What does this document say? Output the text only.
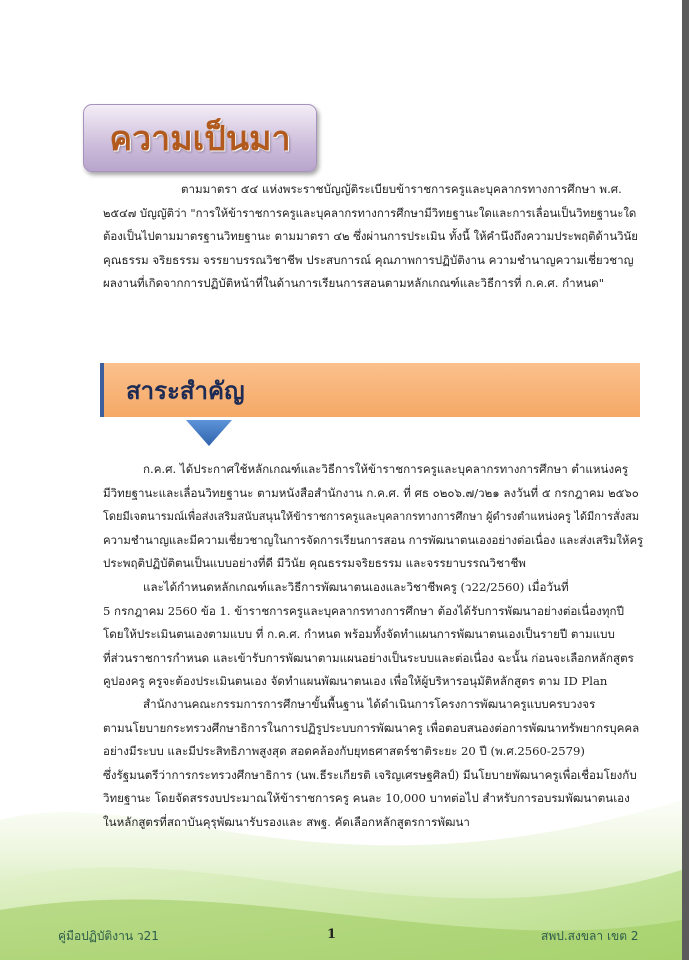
ความเป็นมา
ตามมาตรา ๕๔ แห่งพระราชบัญญัติระเบียบข้าราชการครูและบุคลากรทางการศึกษา พ.ศ.
๒๕๔๗ บัญญัติว่า "การให้ข้าราชการครูและบุคลากรทางการศึกษามีวิทยฐานะใดและการเลื่อนเป็นวิทยฐานะใด
ต้องเป็นไปตามมาตรฐานวิทยฐานะ ตามมาตรา ๔๒ ซึ่งผ่านการประเมิน ทั้งนี้ ให้คำนึงถึงความประพฤติด้านวินัย
คุณธรรม จริยธรรม จรรยาบรรณวิชาชีพ ประสบการณ์ คุณภาพการปฏิบัติงาน ความชำนาญความเชี่ยวชาญ
ผลงานที่เกิดจากการปฏิบัติหน้าที่ในด้านการเรียนการสอนตามหลักเกณฑ์และวิธีการที่ ก.ค.ศ. กำหนด"
สาระสำคัญ
ก.ค.ศ. ได้ประกาศใช้หลักเกณฑ์และวิธีการให้ข้าราชการครูและบุคลากรทางการศึกษา ตำแหน่งครู
มีวิทยฐานะและเลื่อนวิทยฐานะ ตามหนังสือสำนักงาน ก.ค.ศ. ที่ ศธ ๐๒๐๖.๗/ว๒๑ ลงวันที่ ๕ กรกฎาคม ๒๕๖๐
โดยมีเจตนารมณ์เพื่อส่งเสริมสนับสนุนให้ข้าราชการครูและบุคลากรทางการศึกษา ผู้ดำรงตำแหน่งครู ได้มีการสั่งสม
ความชำนาญและมีความเชี่ยวชาญในการจัดการเรียนการสอน การพัฒนาตนเองอย่างต่อเนื่อง และส่งเสริมให้ครู
ประพฤติปฏิบัติตนเป็นแบบอย่างที่ดี มีวินัย คุณธรรมจริยธรรม และจรรยาบรรณวิชาชีพ
และได้กำหนดหลักเกณฑ์และวิธีการพัฒนาตนเองและวิชาชีพครู (ว22/2560) เมื่อวันที่
5 กรกฎาคม 2560 ข้อ 1. ข้าราชการครูและบุคลากรทางการศึกษา ต้องได้รับการพัฒนาอย่างต่อเนื่องทุกปี
โดยให้ประเมินตนเองตามแบบ ที่ ก.ค.ศ. กำหนด พร้อมทั้งจัดทำแผนการพัฒนาตนเองเป็นรายปี ตามแบบ
ที่ส่วนราชการกำหนด และเข้ารับการพัฒนาตามแผนอย่างเป็นระบบและต่อเนื่อง ฉะนั้น ก่อนจะเลือกหลักสูตร
คูปองครู ครูจะต้องประเมินตนเอง จัดทำแผนพัฒนาตนเอง เพื่อให้ผู้บริหารอนุมัติหลักสูตร ตาม ID Plan
สำนักงานคณะกรรมการการศึกษาขั้นพื้นฐาน ได้ดำเนินการโครงการพัฒนาครูแบบครบวงจร
ตามนโยบายกระทรวงศึกษาธิการในการปฏิรูประบบการพัฒนาครู เพื่อตอบสนองต่อการพัฒนาทรัพยากรบุคคล
อย่างมีระบบ และมีประสิทธิภาพสูงสุด สอดคล้องกับยุทธศาสตร์ชาติระยะ 20 ปี (พ.ศ.2560-2579)
ซึ่งรัฐมนตรีว่าการกระทรวงศึกษาธิการ (นพ.ธีระเกียรติ เจริญเศรษฐศิลป์) มีนโยบายพัฒนาครูเพื่อเชื่อมโยงกับ
วิทยฐานะ โดยจัดสรรงบประมาณให้ข้าราชการครู คนละ 10,000 บาทต่อไป สำหรับการอบรมพัฒนาตนเอง
ในหลักสูตรที่สถาบันคุรุพัฒนารับรองและ สพฐ. คัดเลือกหลักสูตรการพัฒนา
คู่มือปฏิบัติงาน ว21	1	สพป.สงขลา เขต 2
